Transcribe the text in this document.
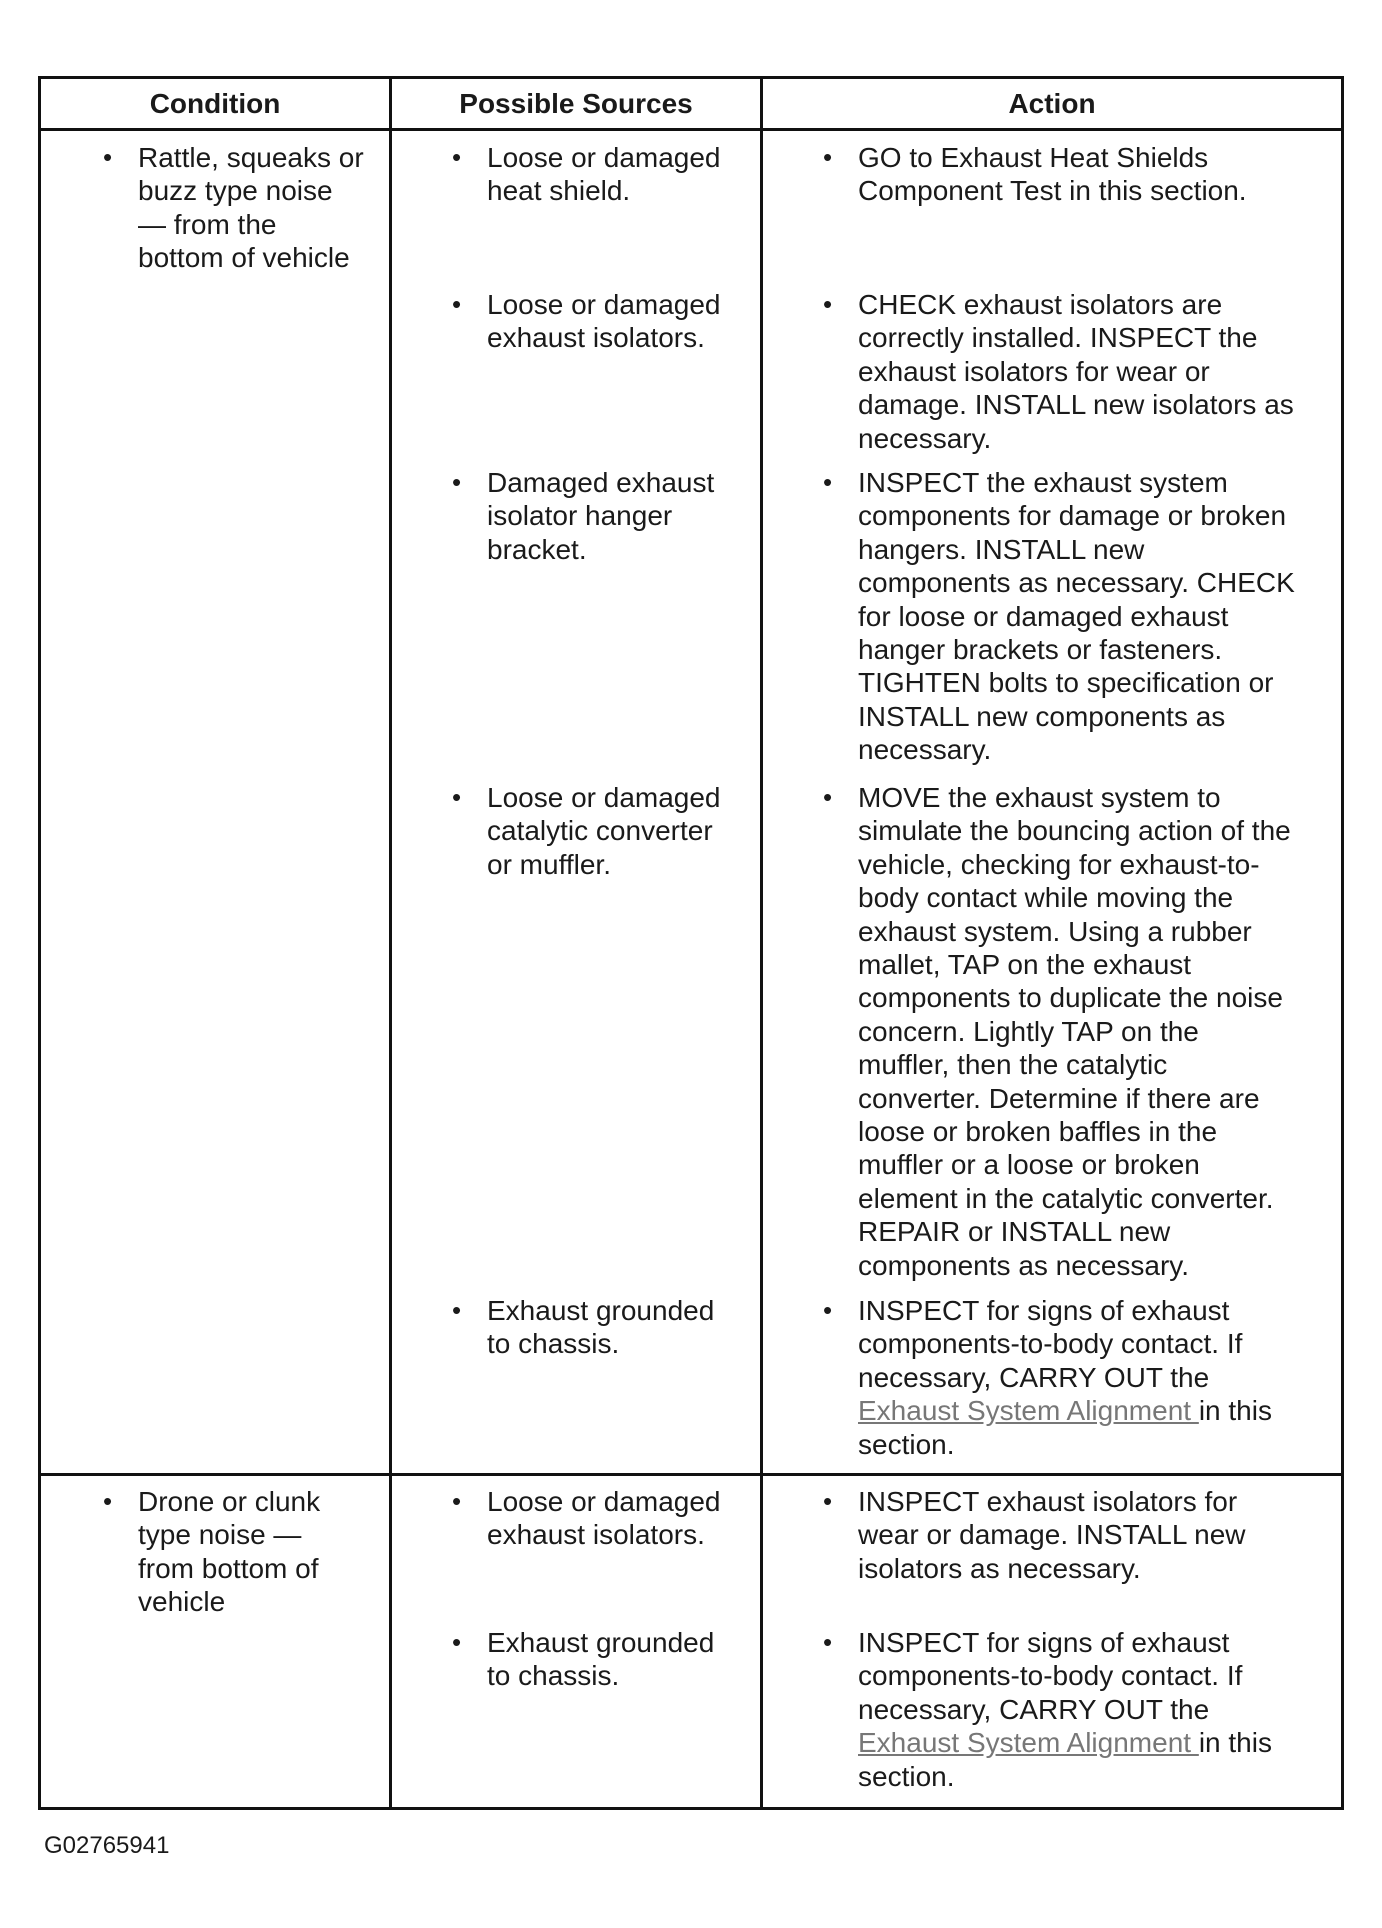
Condition	Possible Sources	Action
• Rattle, squeaks or
buzz type noise
— from the
bottom of vehicle
• Loose or damaged
heat shield.
• GO to Exhaust Heat Shields
Component Test in this section.
• Loose or damaged
exhaust isolators.
• CHECK exhaust isolators are
correctly installed. INSPECT the
exhaust isolators for wear or
damage. INSTALL new isolators as
necessary.
• Damaged exhaust
isolator hanger
bracket.
• INSPECT the exhaust system
components for damage or broken
hangers. INSTALL new
components as necessary. CHECK
for loose or damaged exhaust
hanger brackets or fasteners.
TIGHTEN bolts to specification or
INSTALL new components as
necessary.
• Loose or damaged
catalytic converter
or muffler.
• MOVE the exhaust system to
simulate the bouncing action of the
vehicle, checking for exhaust-to-
body contact while moving the
exhaust system. Using a rubber
mallet, TAP on the exhaust
components to duplicate the noise
concern. Lightly TAP on the
muffler, then the catalytic
converter. Determine if there are
loose or broken baffles in the
muffler or a loose or broken
element in the catalytic converter.
REPAIR or INSTALL new
components as necessary.
• Exhaust grounded
to chassis.
• INSPECT for signs of exhaust
components-to-body contact. If
necessary, CARRY OUT the
Exhaust System Alignment in this
section.
• Drone or clunk
type noise —
from bottom of
vehicle
• Loose or damaged
exhaust isolators.
• INSPECT exhaust isolators for
wear or damage. INSTALL new
isolators as necessary.
• Exhaust grounded
to chassis.
• INSPECT for signs of exhaust
components-to-body contact. If
necessary, CARRY OUT the
Exhaust System Alignment in this
section.
G02765941
